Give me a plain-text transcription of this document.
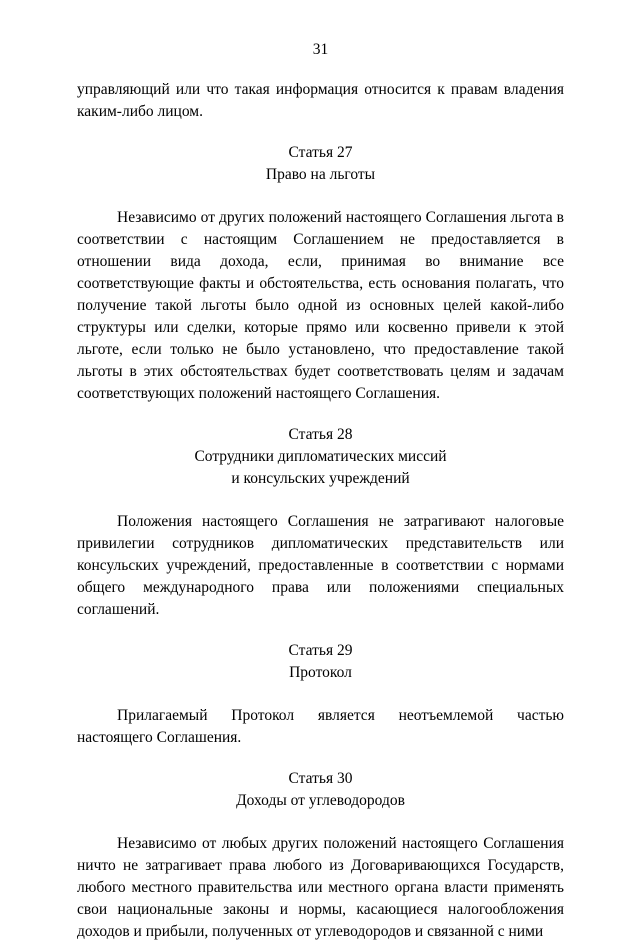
31

управляющий или что такая информация относится к правам владения каким-либо лицом.

Статья 27

Право на льготы

Независимо от других положений настоящего Соглашения льгота в соответствии с настоящим Соглашением не предоставляется в отношении вида дохода, если, принимая во внимание все соответствующие факты и обстоятельства, есть основания полагать, что получение такой льготы было одной из основных целей какой-либо структуры или сделки, которые прямо или косвенно привели к этой льготе, если только не было установлено, что предоставление такой льготы в этих обстоятельствах будет соответствовать целям и задачам соответствующих положений настоящего Соглашения.

Статья 28

Сотрудники дипломатических миссий
и консульских учреждений

Положения настоящего Соглашения не затрагивают налоговые привилегии сотрудников дипломатических представительств или консульских учреждений, предоставленные в соответствии с нормами общего международного права или положениями специальных соглашений.

Статья 29

Протокол

Прилагаемый Протокол является неотъемлемой частью настоящего Соглашения.

Статья 30

Доходы от углеводородов

Независимо от любых других положений настоящего Соглашения ничто не затрагивает права любого из Договаривающихся Государств, любого местного правительства или местного органа власти применять свои национальные законы и нормы, касающиеся налогообложения доходов и прибыли, полученных от углеводородов и связанной с ними
